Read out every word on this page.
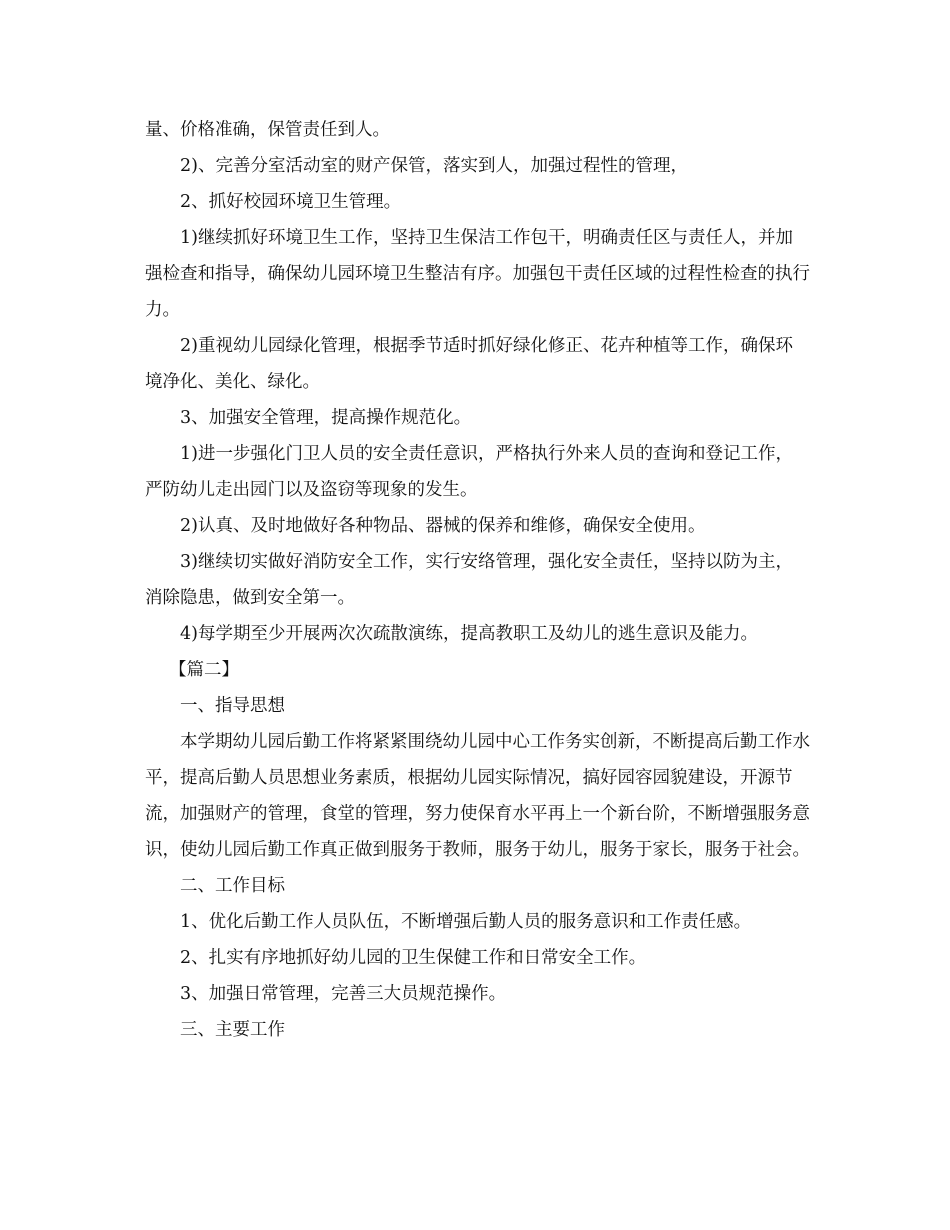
量、价格准确，保管责任到人。

2)、完善分室活动室的财产保管，落实到人，加强过程性的管理，

2、抓好校园环境卫生管理。

1)继续抓好环境卫生工作，坚持卫生保洁工作包干，明确责任区与责任人，并加强检查和指导，确保幼儿园环境卫生整洁有序。加强包干责任区域的过程性检查的执行力。

2)重视幼儿园绿化管理，根据季节适时抓好绿化修正、花卉种植等工作，确保环境净化、美化、绿化。

3、加强安全管理，提高操作规范化。

1)进一步强化门卫人员的安全责任意识，严格执行外来人员的查询和登记工作，严防幼儿走出园门以及盗窃等现象的发生。

2)认真、及时地做好各种物品、器械的保养和维修，确保安全使用。

3)继续切实做好消防安全工作，实行安络管理，强化安全责任，坚持以防为主，消除隐患，做到安全第一。

4)每学期至少开展两次次疏散演练，提高教职工及幼儿的逃生意识及能力。

【篇二】

一、指导思想

本学期幼儿园后勤工作将紧紧围绕幼儿园中心工作务实创新，不断提高后勤工作水平，提高后勤人员思想业务素质，根据幼儿园实际情况，搞好园容园貌建设，开源节流，加强财产的管理，食堂的管理，努力使保育水平再上一个新台阶，不断增强服务意识，使幼儿园后勤工作真正做到服务于教师，服务于幼儿，服务于家长，服务于社会。

二、工作目标

1、优化后勤工作人员队伍，不断增强后勤人员的服务意识和工作责任感。

2、扎实有序地抓好幼儿园的卫生保健工作和日常安全工作。

3、加强日常管理，完善三大员规范操作。

三、主要工作
